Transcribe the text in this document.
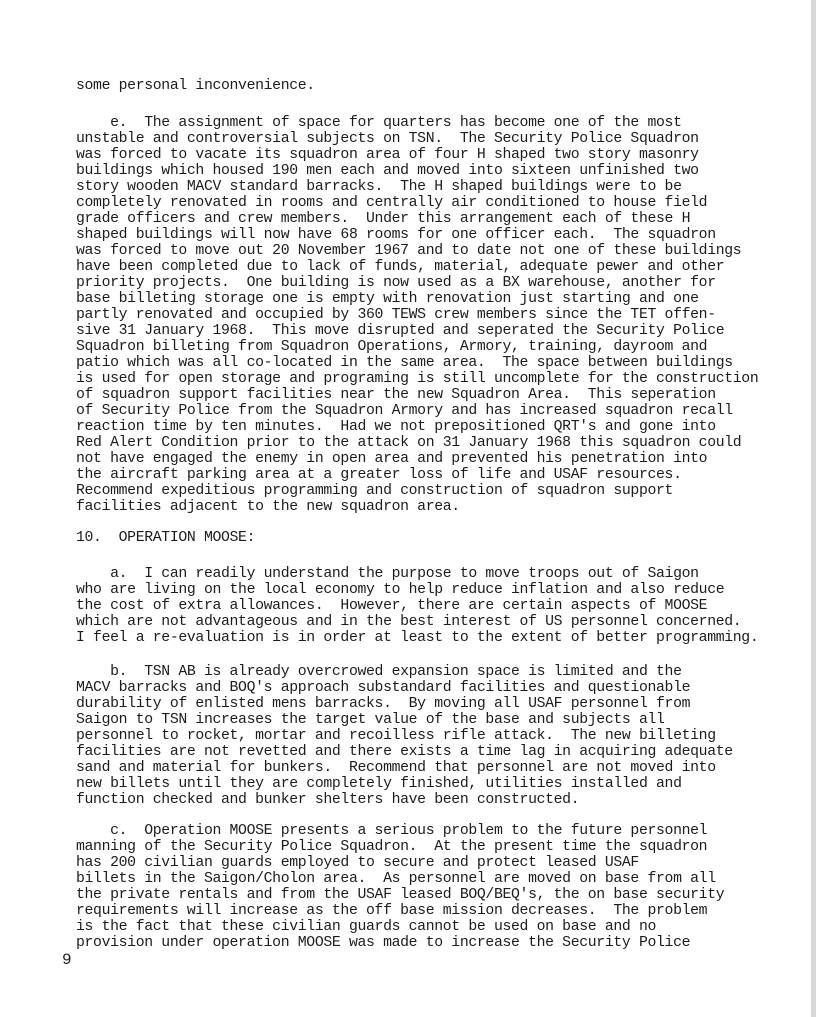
some personal inconvenience.
e.  The assignment of space for quarters has become one of the most
unstable and controversial subjects on TSN.  The Security Police Squadron
was forced to vacate its squadron area of four H shaped two story masonry
buildings which housed 190 men each and moved into sixteen unfinished two
story wooden MACV standard barracks.  The H shaped buildings were to be
completely renovated in rooms and centrally air conditioned to house field
grade officers and crew members.  Under this arrangement each of these H
shaped buildings will now have 68 rooms for one officer each.  The squadron
was forced to move out 20 November 1967 and to date not one of these buildings
have been completed due to lack of funds, material, adequate pewer and other
priority projects.  One building is now used as a BX warehouse, another for
base billeting storage one is empty with renovation just starting and one
partly renovated and occupied by 360 TEWS crew members since the TET offen-
sive 31 January 1968.  This move disrupted and seperated the Security Police
Squadron billeting from Squadron Operations, Armory, training, dayroom and
patio which was all co-located in the same area.  The space between buildings
is used for open storage and programing is still uncomplete for the construction
of squadron support facilities near the new Squadron Area.  This seperation
of Security Police from the Squadron Armory and has increased squadron recall
reaction time by ten minutes.  Had we not prepositioned QRT's and gone into
Red Alert Condition prior to the attack on 31 January 1968 this squadron could
not have engaged the enemy in open area and prevented his penetration into
the aircraft parking area at a greater loss of life and USAF resources.
Recommend expeditious programming and construction of squadron support
facilities adjacent to the new squadron area.
10.  OPERATION MOOSE:
a.  I can readily understand the purpose to move troops out of Saigon
who are living on the local economy to help reduce inflation and also reduce
the cost of extra allowances.  However, there are certain aspects of MOOSE
which are not advantageous and in the best interest of US personnel concerned.
I feel a re-evaluation is in order at least to the extent of better programming.
b.  TSN AB is already overcrowed expansion space is limited and the
MACV barracks and BOQ's approach substandard facilities and questionable
durability of enlisted mens barracks.  By moving all USAF personnel from
Saigon to TSN increases the target value of the base and subjects all
personnel to rocket, mortar and recoilless rifle attack.  The new billeting
facilities are not revetted and there exists a time lag in acquiring adequate
sand and material for bunkers.  Recommend that personnel are not moved into
new billets until they are completely finished, utilities installed and
function checked and bunker shelters have been constructed.
c.  Operation MOOSE presents a serious problem to the future personnel
manning of the Security Police Squadron.  At the present time the squadron
has 200 civilian guards employed to secure and protect leased USAF
billets in the Saigon/Cholon area.  As personnel are moved on base from all
the private rentals and from the USAF leased BOQ/BEQ's, the on base security
requirements will increase as the off base mission decreases.  The problem
is the fact that these civilian guards cannot be used on base and no
provision under operation MOOSE was made to increase the Security Police
9
